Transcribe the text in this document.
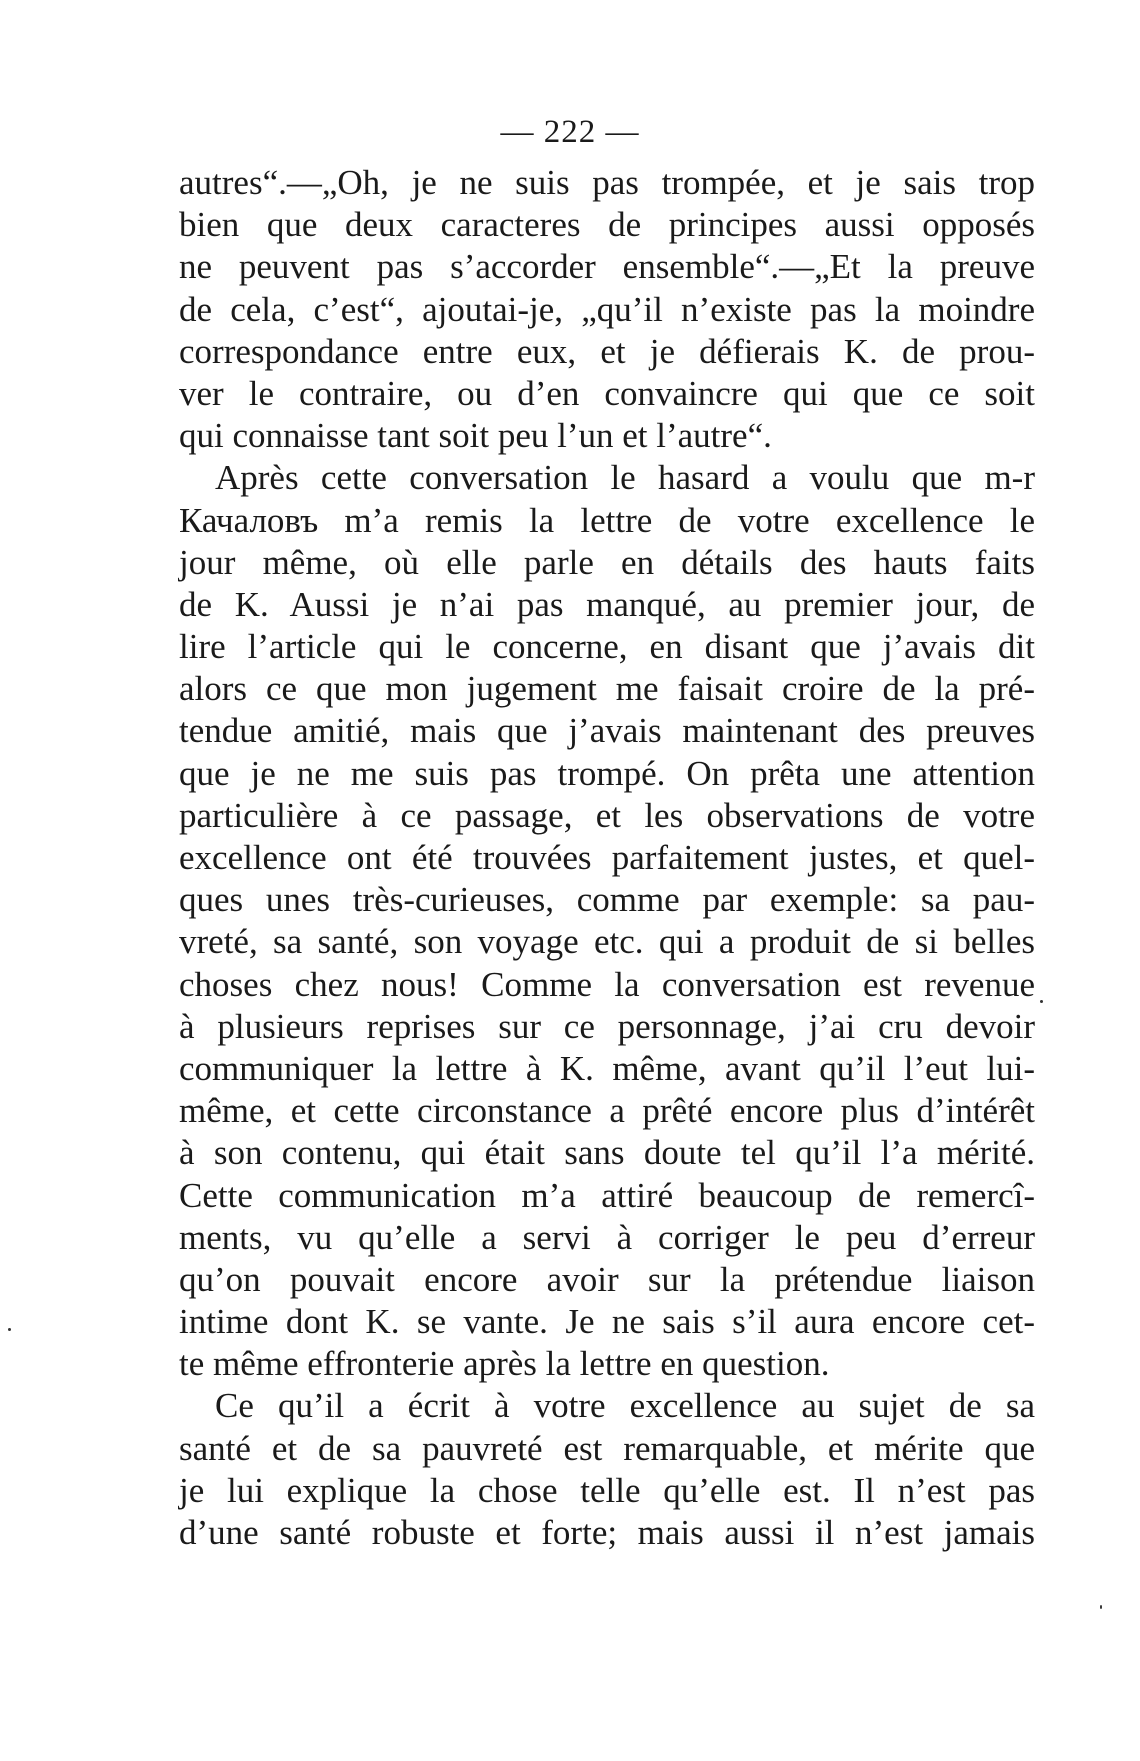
— 222 —
autres“.—„Oh, je ne suis pas trompée, et je sais trop
bien que deux caracteres de principes aussi opposés
ne peuvent pas s’accorder ensemble“.—„Et la preuve
de cela, c’est“, ajoutai-je, „qu’il n’existe pas la moindre
correspondance entre eux, et je défierais K. de prou-
ver le contraire, ou d’en convaincre qui que ce soit
qui connaisse tant soit peu l’un et l’autre“.
Après cette conversation le hasard a voulu que m-r
Качаловъ m’a remis la lettre de votre excellence le
jour même, où elle parle en détails des hauts faits
de K. Aussi je n’ai pas manqué, au premier jour, de
lire l’article qui le concerne, en disant que j’avais dit
alors ce que mon jugement me faisait croire de la pré-
tendue amitié, mais que j’avais maintenant des preuves
que je ne me suis pas trompé. On prêta une attention
particulière à ce passage, et les observations de votre
excellence ont été trouvées parfaitement justes, et quel-
ques unes très-curieuses, comme par exemple: sa pau-
vreté, sa santé, son voyage etc. qui a produit de si belles
choses chez nous! Comme la conversation est revenue
à plusieurs reprises sur ce personnage, j’ai cru devoir
communiquer la lettre à K. même, avant qu’il l’eut lui-
même, et cette circonstance a prêté encore plus d’intérêt
à son contenu, qui était sans doute tel qu’il l’a mérité.
Cette communication m’a attiré beaucoup de remercî-
ments, vu qu’elle a servi à corriger le peu d’erreur
qu’on pouvait encore avoir sur la prétendue liaison
intime dont K. se vante. Je ne sais s’il aura encore cet-
te même effronterie après la lettre en question.
Ce qu’il a écrit à votre excellence au sujet de sa
santé et de sa pauvreté est remarquable, et mérite que
je lui explique la chose telle qu’elle est. Il n’est pas
d’une santé robuste et forte; mais aussi il n’est jamais
